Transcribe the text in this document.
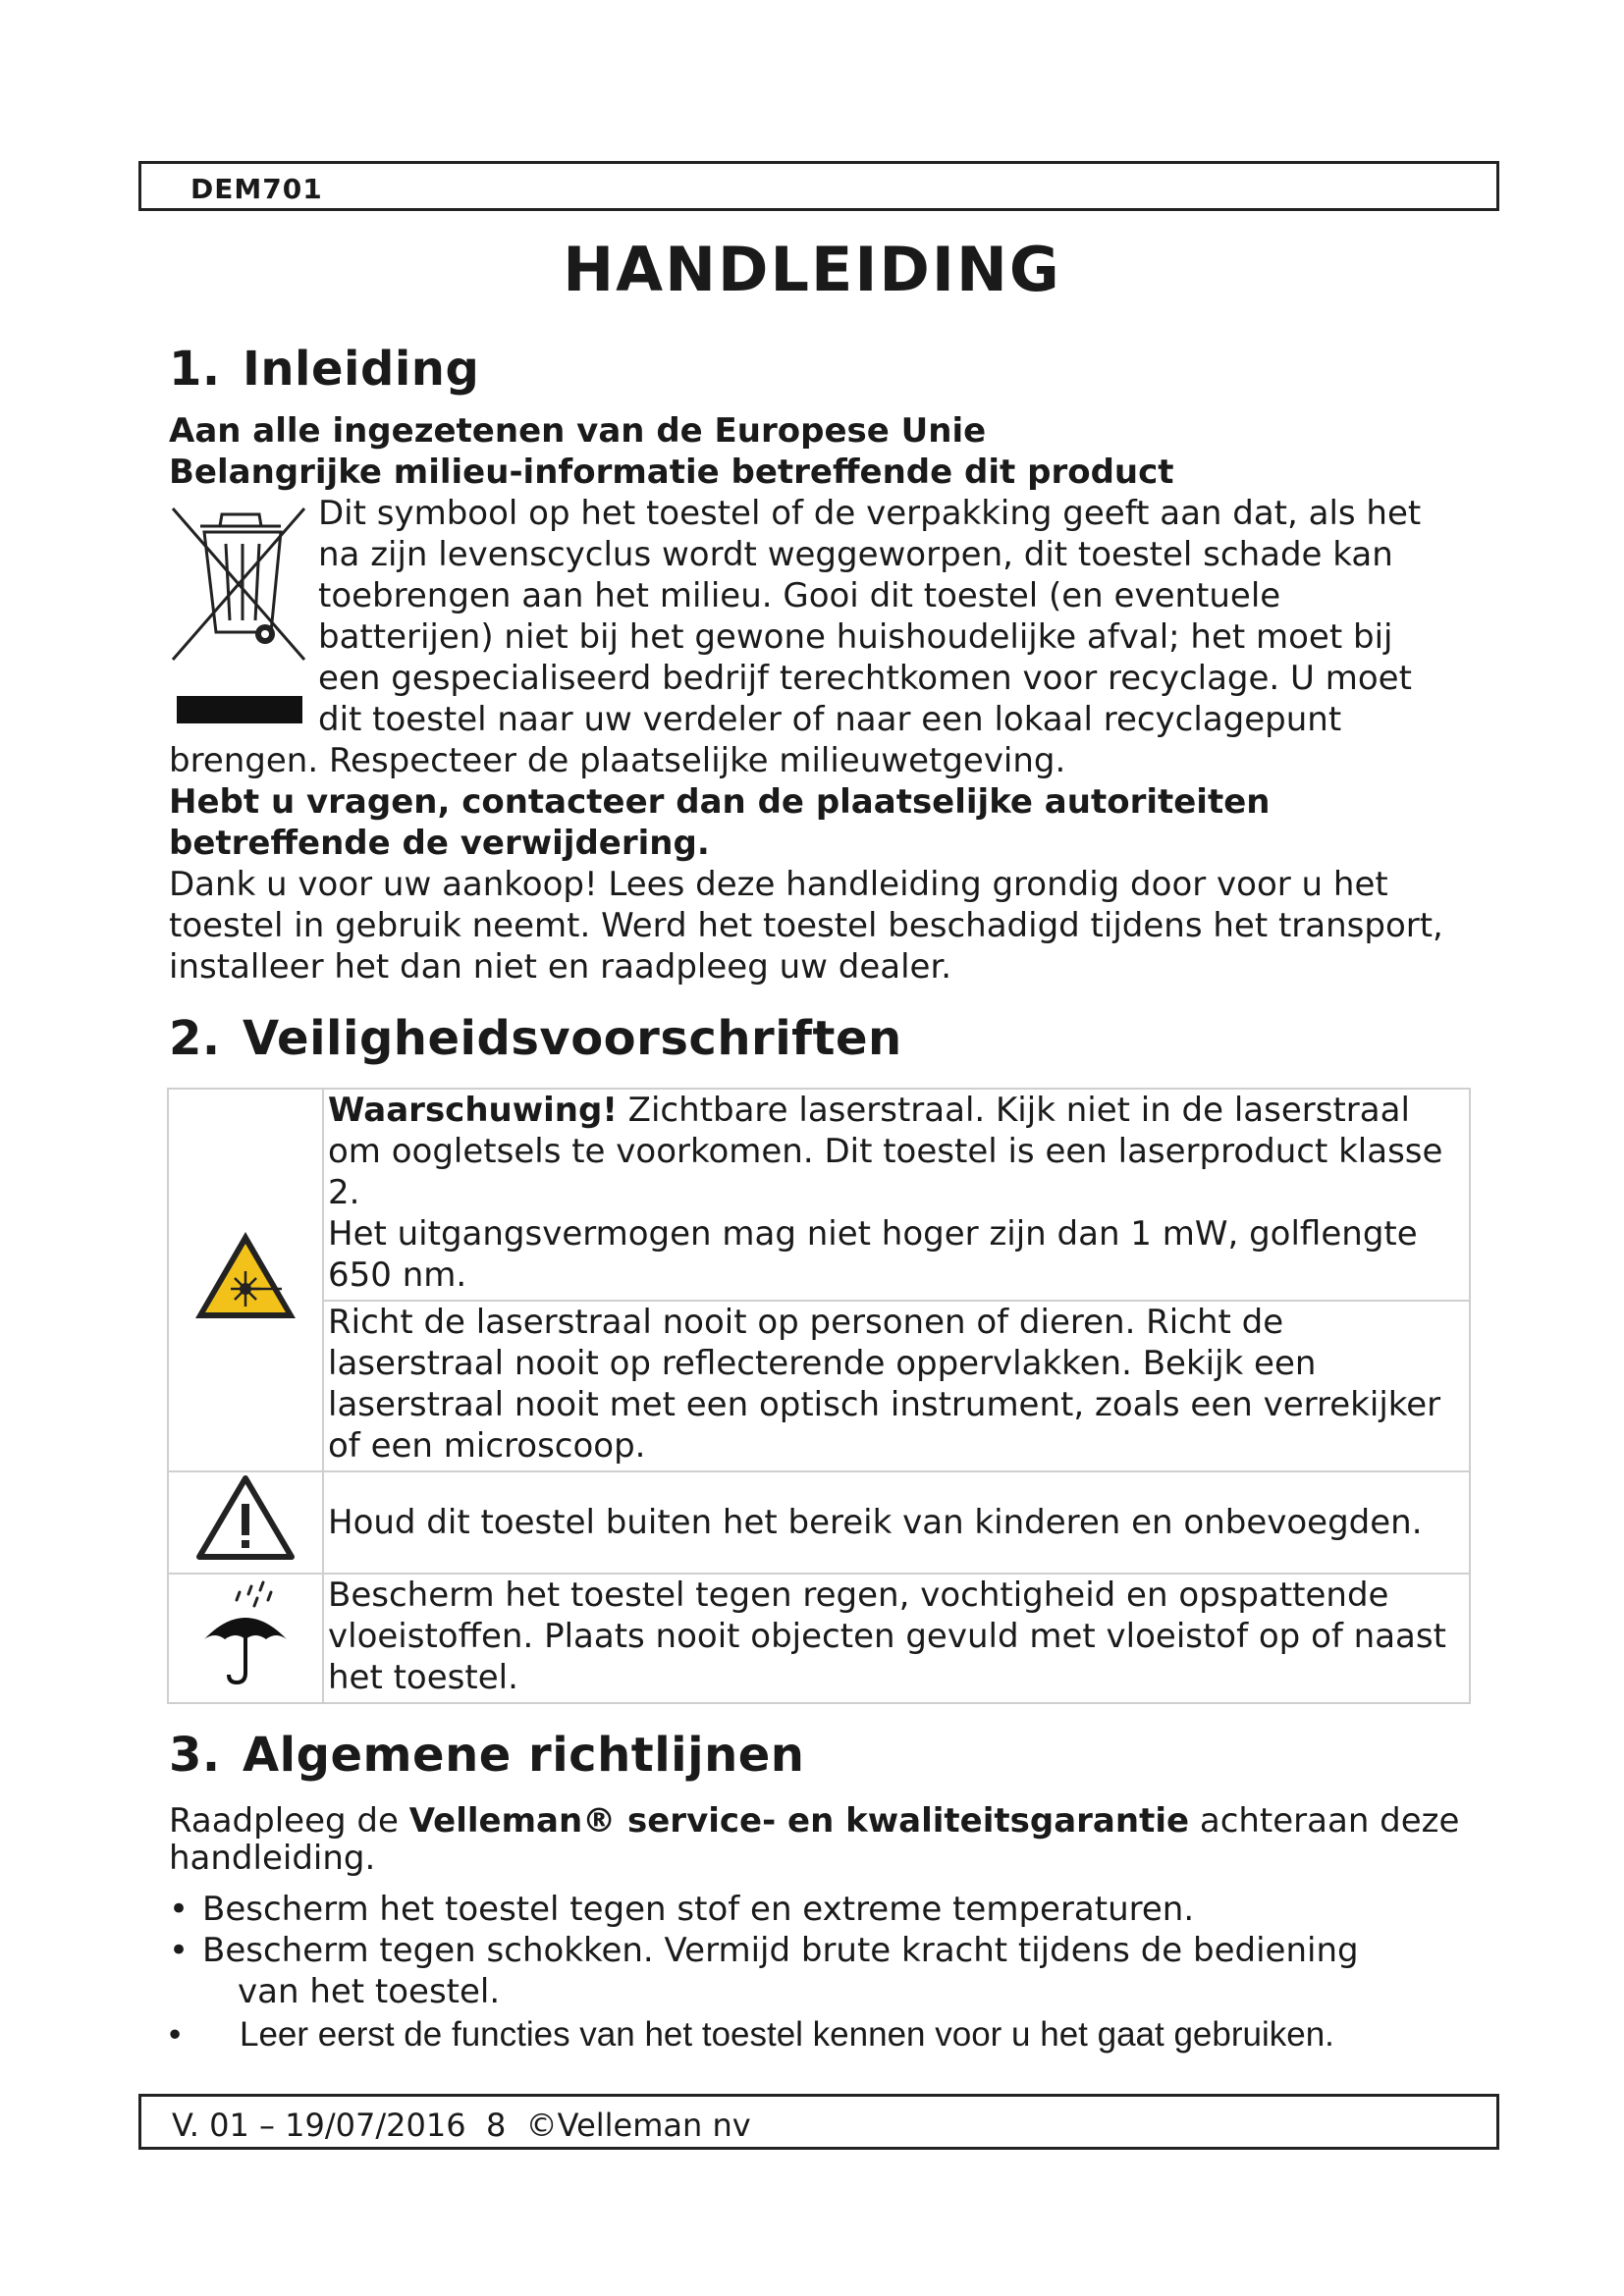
DEM701
HANDLEIDING
1. Inleiding

Aan alle ingezetenen van de Europese Unie

Belangrijke milieu-informatie betreffende dit product

Dit symbool op het toestel of de verpakking geeft aan dat, als het
na zijn levenscyclus wordt weggeworpen, dit toestel schade kan
toebrengen aan het milieu. Gooi dit toestel (en eventuele
batterijen) niet bij het gewone huishoudelijke afval; het moet bij
een gespecialiseerd bedrijf terechtkomen voor recyclage. U moet
dit toestel naar uw verdeler of naar een lokaal recyclagepunt

brengen. Respecteer de plaatselijke milieuwetgeving.

Hebt u vragen, contacteer dan de plaatselijke autoriteiten betreffende de verwijdering.

Dank u voor uw aankoop! Lees deze handleiding grondig door voor u het toestel in gebruik neemt. Werd het toestel beschadigd tijdens het transport, installeer het dan niet en raadpleeg uw dealer.

2. Veiligheidsvoorschriften
	Waarschuwing! Zichtbare laserstraal. Kijk niet in de laserstraal om oogletsels te voorkomen. Dit toestel is een laserproduct klasse 2.
Het uitgangsvermogen mag niet hoger zijn dan 1 mW, golflengte 650 nm.
	Richt de laserstraal nooit op personen of dieren. Richt de laserstraal nooit op reflecterende oppervlakken. Bekijk een laserstraal nooit met een optisch instrument, zoals een verrekijker of een microscoop.
	Houd dit toestel buiten het bereik van kinderen en onbevoegden.
	Bescherm het toestel tegen regen, vochtigheid en opspattende vloeistoffen. Plaats nooit objecten gevuld met vloeistof op of naast het toestel.
3. Algemene richtlijnen

Raadpleeg de Velleman® service- en kwaliteitsgarantie achteraan deze handleiding.

• Bescherm het toestel tegen stof en extreme temperaturen.
• Bescherm tegen schokken. Vermijd brute kracht tijdens de bediening
van het toestel.
• Leer eerst de functies van het toestel kennen voor u het gaat gebruiken.
V. 01 – 19/07/2016  8  ©Velleman nv
